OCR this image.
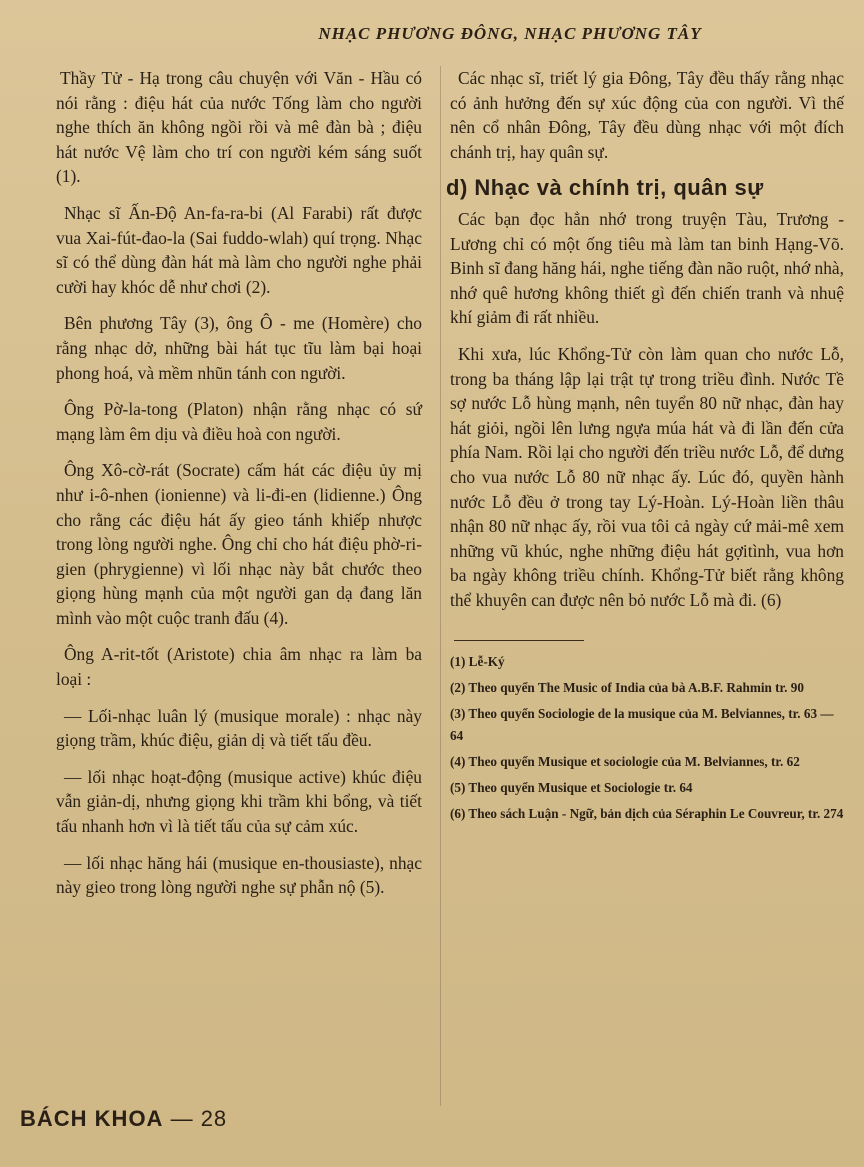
NHẠC PHƯƠNG ĐÔNG, NHẠC PHƯƠNG TÂY

Thầy Tử - Hạ trong câu chuyện với Văn - Hầu có nói rằng : điệu hát của nước Tống làm cho người nghe thích ăn không ngồi rồi và mê đàn bà ; điệu hát nước Vệ làm cho trí con người kém sáng suốt (1).

Nhạc sĩ Ấn-Độ An-fa-ra-bi (Al Farabi) rất được vua Xai-fút-đao-la (Sai fuddo-wlah) quí trọng. Nhạc sĩ có thể dùng đàn hát mà làm cho người nghe phải cười hay khóc dễ như chơi (2).

Bên phương Tây (3), ông Ô - me (Homère) cho rằng nhạc dở, những bài hát tục tĩu làm bại hoại phong hoá, và mềm nhũn tánh con người.

Ông Pờ-la-tong (Platon) nhận rằng nhạc có sứ mạng làm êm dịu và điều hoà con người.

Ông Xô-cờ-rát (Socrate) cấm hát các điệu ủy mị như i-ô-nhen (ionienne) và li-đi-en (lidienne.) Ông cho rằng các điệu hát ấy gieo tánh khiếp nhược trong lòng người nghe. Ông chỉ cho hát điệu phờ-ri-gien (phrygienne) vì lối nhạc này bắt chước theo giọng hùng mạnh của một người gan dạ đang lăn mình vào một cuộc tranh đấu (4).

Ông A-rit-tốt (Aristote) chia âm nhạc ra làm ba loại :

— Lối-nhạc luân lý (musique morale) : nhạc này giọng trầm, khúc điệu, giản dị và tiết tấu đều.

— lối nhạc hoạt-động (musique active) khúc điệu vẫn giản-dị, nhưng giọng khi trầm khi bổng, và tiết tấu nhanh hơn vì là tiết tấu của sự cảm xúc.

— lối nhạc hăng hái (musique en-thousiaste), nhạc này gieo trong lòng người nghe sự phẫn nộ (5).

Các nhạc sĩ, triết lý gia Đông, Tây đều thấy rằng nhạc có ảnh hưởng đến sự xúc động của con người. Vì thế nên cổ nhân Đông, Tây đều dùng nhạc với một đích chánh trị, hay quân sự.

d) Nhạc và chính trị, quân sự

Các bạn đọc hẳn nhớ trong truyện Tàu, Trương - Lương chỉ có một ống tiêu mà làm tan binh Hạng-Võ. Binh sĩ đang hăng hái, nghe tiếng đàn não ruột, nhớ nhà, nhớ quê hương không thiết gì đến chiến tranh và nhuệ khí giảm đi rất nhiều.

Khi xưa, lúc Khổng-Tử còn làm quan cho nước Lỗ, trong ba tháng lập lại trật tự trong triều đình. Nước Tề sợ nước Lỗ hùng mạnh, nên tuyển 80 nữ nhạc, đàn hay hát giỏi, ngồi lên lưng ngựa múa hát và đi lần đến cửa phía Nam. Rồi lại cho người đến triều nước Lỗ, để dưng cho vua nước Lỗ 80 nữ nhạc ấy. Lúc đó, quyền hành nước Lỗ đều ở trong tay Lý-Hoàn. Lý-Hoàn liền thâu nhận 80 nữ nhạc ấy, rồi vua tôi cả ngày cứ mải-mê xem những vũ khúc, nghe những điệu hát gợitình, vua hơn ba ngày không triều chính. Khổng-Tử biết rằng không thể khuyên can được nên bỏ nước Lỗ mà đi. (6)

(1) Lễ-Ký

(2) Theo quyển The Music of India của bà A.B.F. Rahmin tr. 90

(3) Theo quyển Sociologie de la musique của M. Belviannes, tr. 63 — 64

(4) Theo quyển Musique et sociologie của M. Belviannes, tr. 62

(5) Theo quyển Musique et Sociologie tr. 64

(6) Theo sách Luận - Ngữ, bản dịch của Séraphin Le Couvreur, tr. 274

BÁCH KHOA — 28
